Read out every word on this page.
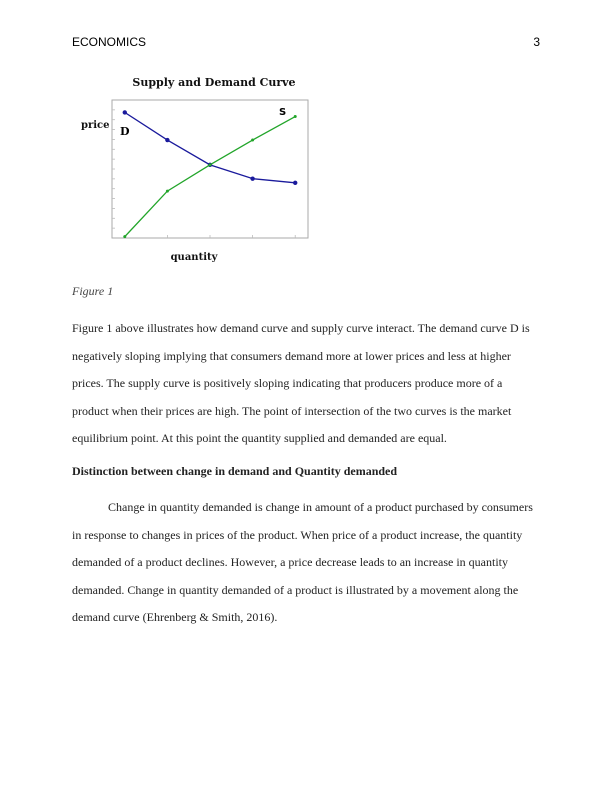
ECONOMICS	3
Supply and Demand Curve
price
quantity
D
S
Figure 1
Figure 1 above illustrates how demand curve and supply curve interact. The demand curve D is negatively sloping implying that consumers demand more at lower prices and less at higher prices. The supply curve is positively sloping indicating that producers produce more of a product when their prices are high. The point of intersection of the two curves is the market equilibrium point. At this point the quantity supplied and demanded are equal.
Distinction between change in demand and Quantity demanded
Change in quantity demanded is change in amount of a product purchased by consumers in response to changes in prices of the product. When price of a product increase, the quantity demanded of a product declines. However, a price decrease leads to an increase in quantity demanded. Change in quantity demanded of a product is illustrated by a movement along the demand curve (Ehrenberg & Smith, 2016).
